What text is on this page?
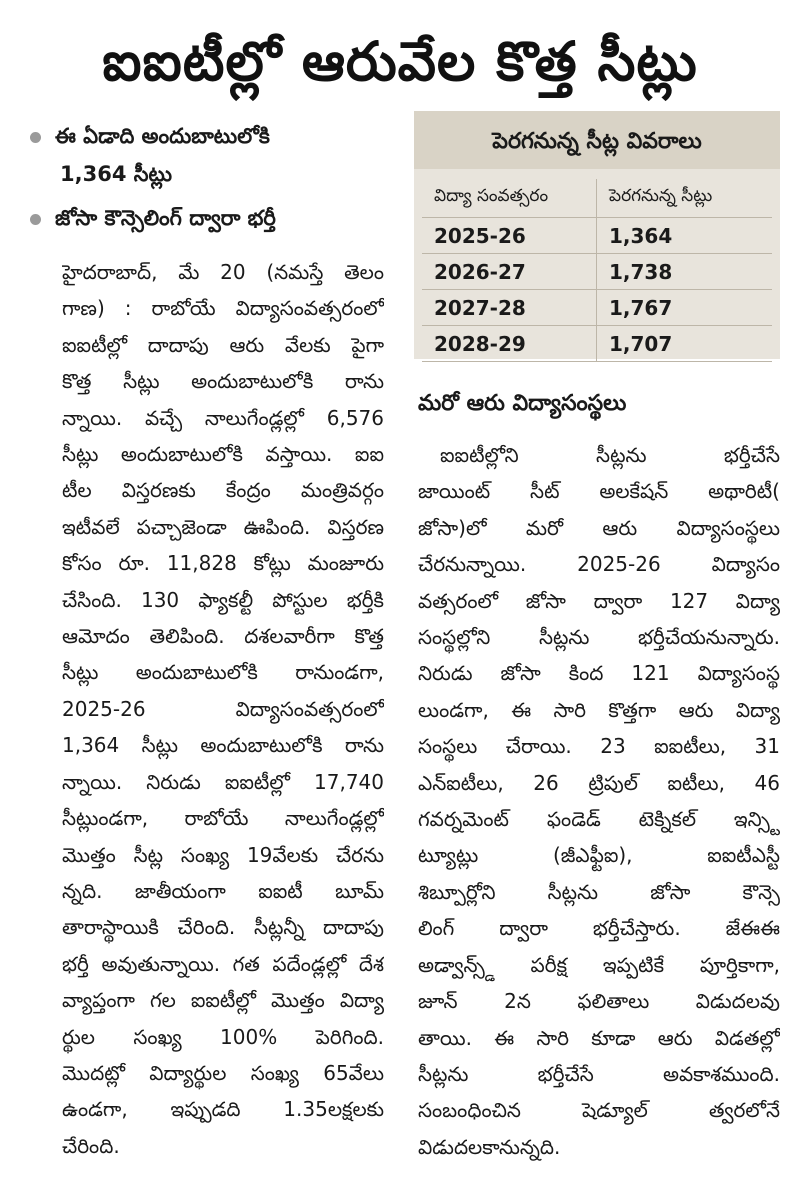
ఐఐటీల్లో ఆరువేల కొత్త సీట్లు
ఈ ఏడాది అందుబాటులోకి
1,364 సీట్లు
జోసా కౌన్సెలింగ్ ద్వారా భర్తీ
హైదరాబాద్, మే 20 (నమస్తే తెలం
గాణ) : రాబోయే విద్యాసంవత్సరంలో
ఐఐటీల్లో దాదాపు ఆరు వేలకు పైగా
కొత్త సీట్లు అందుబాటులోకి రాను
న్నాయి. వచ్చే నాలుగేండ్లల్లో 6,576
సీట్లు అందుబాటులోకి వస్తాయి. ఐఐ
టీల విస్తరణకు కేంద్రం మంత్రివర్గం
ఇటీవలే పచ్చాజెండా ఊపింది. విస్తరణ
కోసం రూ. 11,828 కోట్లు మంజూరు
చేసింది. 130 ఫ్యాకల్టీ పోస్టుల భర్తీకి
ఆమోదం తెలిపింది. దశలవారీగా కొత్త
సీట్లు అందుబాటులోకి రానుండగా,
2025-26 విద్యాసంవత్సరంలో
1,364 సీట్లు అందుబాటులోకి రాను
న్నాయి. నిరుడు ఐఐటీల్లో 17,740
సీట్లుండగా, రాబోయే నాలుగేండ్లల్లో
మొత్తం సీట్ల సంఖ్య 19వేలకు చేరను
న్నది. జాతీయంగా ఐఐటీ బూమ్
తారాస్థాయికి చేరింది. సీట్లన్నీ దాదాపు
భర్తీ అవుతున్నాయి. గత పదేండ్లల్లో దేశ
వ్యాప్తంగా గల ఐఐటీల్లో మొత్తం విద్యా
ర్థుల సంఖ్య 100% పెరిగింది.
మొదట్లో విద్యార్థుల సంఖ్య 65వేలు
ఉండగా, ఇప్పుడది 1.35లక్షలకు
చేరింది.
పెరగనున్న సీట్ల వివరాలు
విద్యా సంవత్సరం	పెరగనున్న సీట్లు
2025-26	1,364
2026-27	1,738
2027-28	1,767
2028-29	1,707
మరో ఆరు విద్యాసంస్థలు
ఐఐటీల్లోని సీట్లను భర్తీచేసే
జాయింట్ సీట్ అలకేషన్ అథారిటీ(
జోసా)లో మరో ఆరు విద్యాసంస్థలు
చేరనున్నాయి. 2025-26 విద్యాసం
వత్సరంలో జోసా ద్వారా 127 విద్యా
సంస్థల్లోని సీట్లను భర్తీచేయనున్నారు.
నిరుడు జోసా కింద 121 విద్యాసంస్థ
లుండగా, ఈ సారి కొత్తగా ఆరు విద్యా
సంస్థలు చేరాయి. 23 ఐఐటీలు, 31
ఎన్ఐటీలు, 26 ట్రిపుల్ ఐటీలు, 46
గవర్నమెంట్ ఫండెడ్ టెక్నికల్ ఇన్స్టి
ట్యూట్లు (జీఎఫ్టీఐ), ఐఐటీఎస్టీ
శిబ్పూర్లోని సీట్లను జోసా కౌన్సె
లింగ్ ద్వారా భర్తీచేస్తారు. జేఈఈ
అడ్వాన్స్డ్ పరీక్ష ఇప్పటికే పూర్తికాగా,
జూన్ 2న ఫలితాలు విడుదలవు
తాయి. ఈ సారి కూడా ఆరు విడతల్లో
సీట్లను భర్తీచేసే అవకాశముంది.
సంబంధించిన షెడ్యూల్ త్వరలోనే
విడుదలకానున్నది.
